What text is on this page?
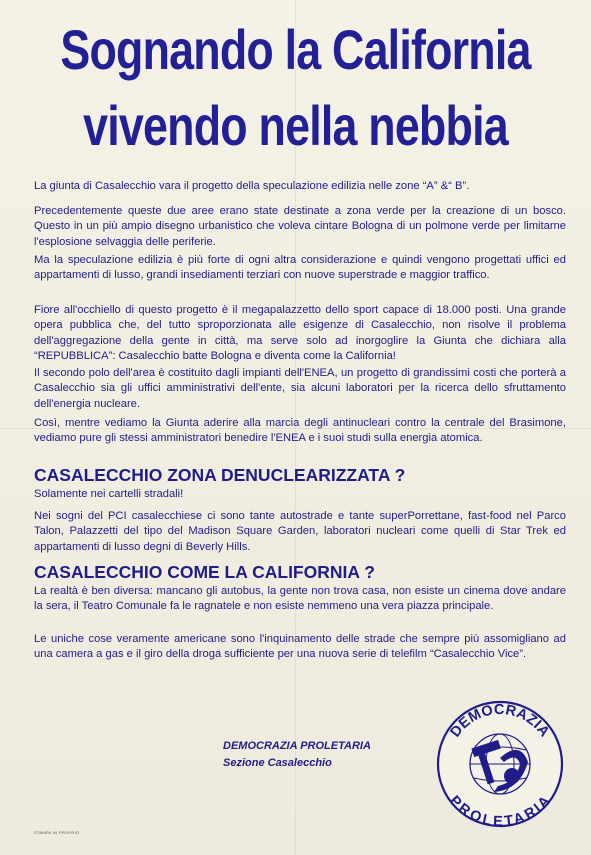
Sognando la California
vivendo nella nebbia
La giunta di Casalecchio vara il progetto della speculazione edilizia nelle zone “A” &“ B”.
Precedentemente queste due aree erano state destinate a zona verde per la creazione di un bosco. Questo in un più ampio disegno urbanistico che voleva cintare Bologna di un polmone verde per limitarne l'esplosione selvaggia delle periferie.
Ma la speculazione edilizia è più forte di ogni altra considerazione e quindi vengono progettati uffici ed appartamenti di lusso, grandi insediamenti terziari con nuove superstrade e maggior traffico.
Fiore all'occhiello di questo progetto è il megapalazzetto dello sport capace di 18.000 posti. Una grande opera pubblica che, del tutto sproporzionata alle esigenze di Casalecchio, non risolve il problema dell'aggregazione della gente in città, ma serve solo ad inorgoglire la Giunta che dichiara alla “REPUBBLICA”: Casalecchio batte Bologna e diventa come la California!
Il secondo polo dell'area è costituito dagli impianti dell'ENEA, un progetto di grandissimi costi che porterà a Casalecchio sia gli uffici amministrativi dell'ente, sia alcuni laboratori per la ricerca dello sfruttamento dell'energia nucleare.
Così, mentre vediamo la Giunta aderire alla marcia degli antinucleari contro la centrale del Brasimone, vediamo pure gli stessi amministratori benedire l'ENEA e i suoi studi sulla energia atomica.
CASALECCHIO ZONA DENUCLEARIZZATA ?
Solamente nei cartelli stradali!
Nei sogni del PCI casalecchiese ci sono tante autostrade e tante superPorrettane, fast-food nel Parco Talon, Palazzetti del tipo del Madison Square Garden, laboratori nucleari come quelli di Star Trek ed appartamenti di lusso degni di Beverly Hills.
CASALECCHIO COME LA CALIFORNIA ?
La realtà è ben diversa: mancano gli autobus, la gente non trova casa, non esiste un cinema dove andare la sera, il Teatro Comunale fa le ragnatele e non esiste nemmeno una vera piazza principale.
Le uniche cose veramente americane sono l'inquinamento delle strade che sempre più assomigliano ad una camera a gas e il giro della droga sufficiente per una nuova serie di telefilm “Casalecchio Vice”.
DEMOCRAZIA PROLETARIA
Sezione Casalecchio
DEMOCRAZIA
PROLETARIA
STAMPA IN PROPRIO
